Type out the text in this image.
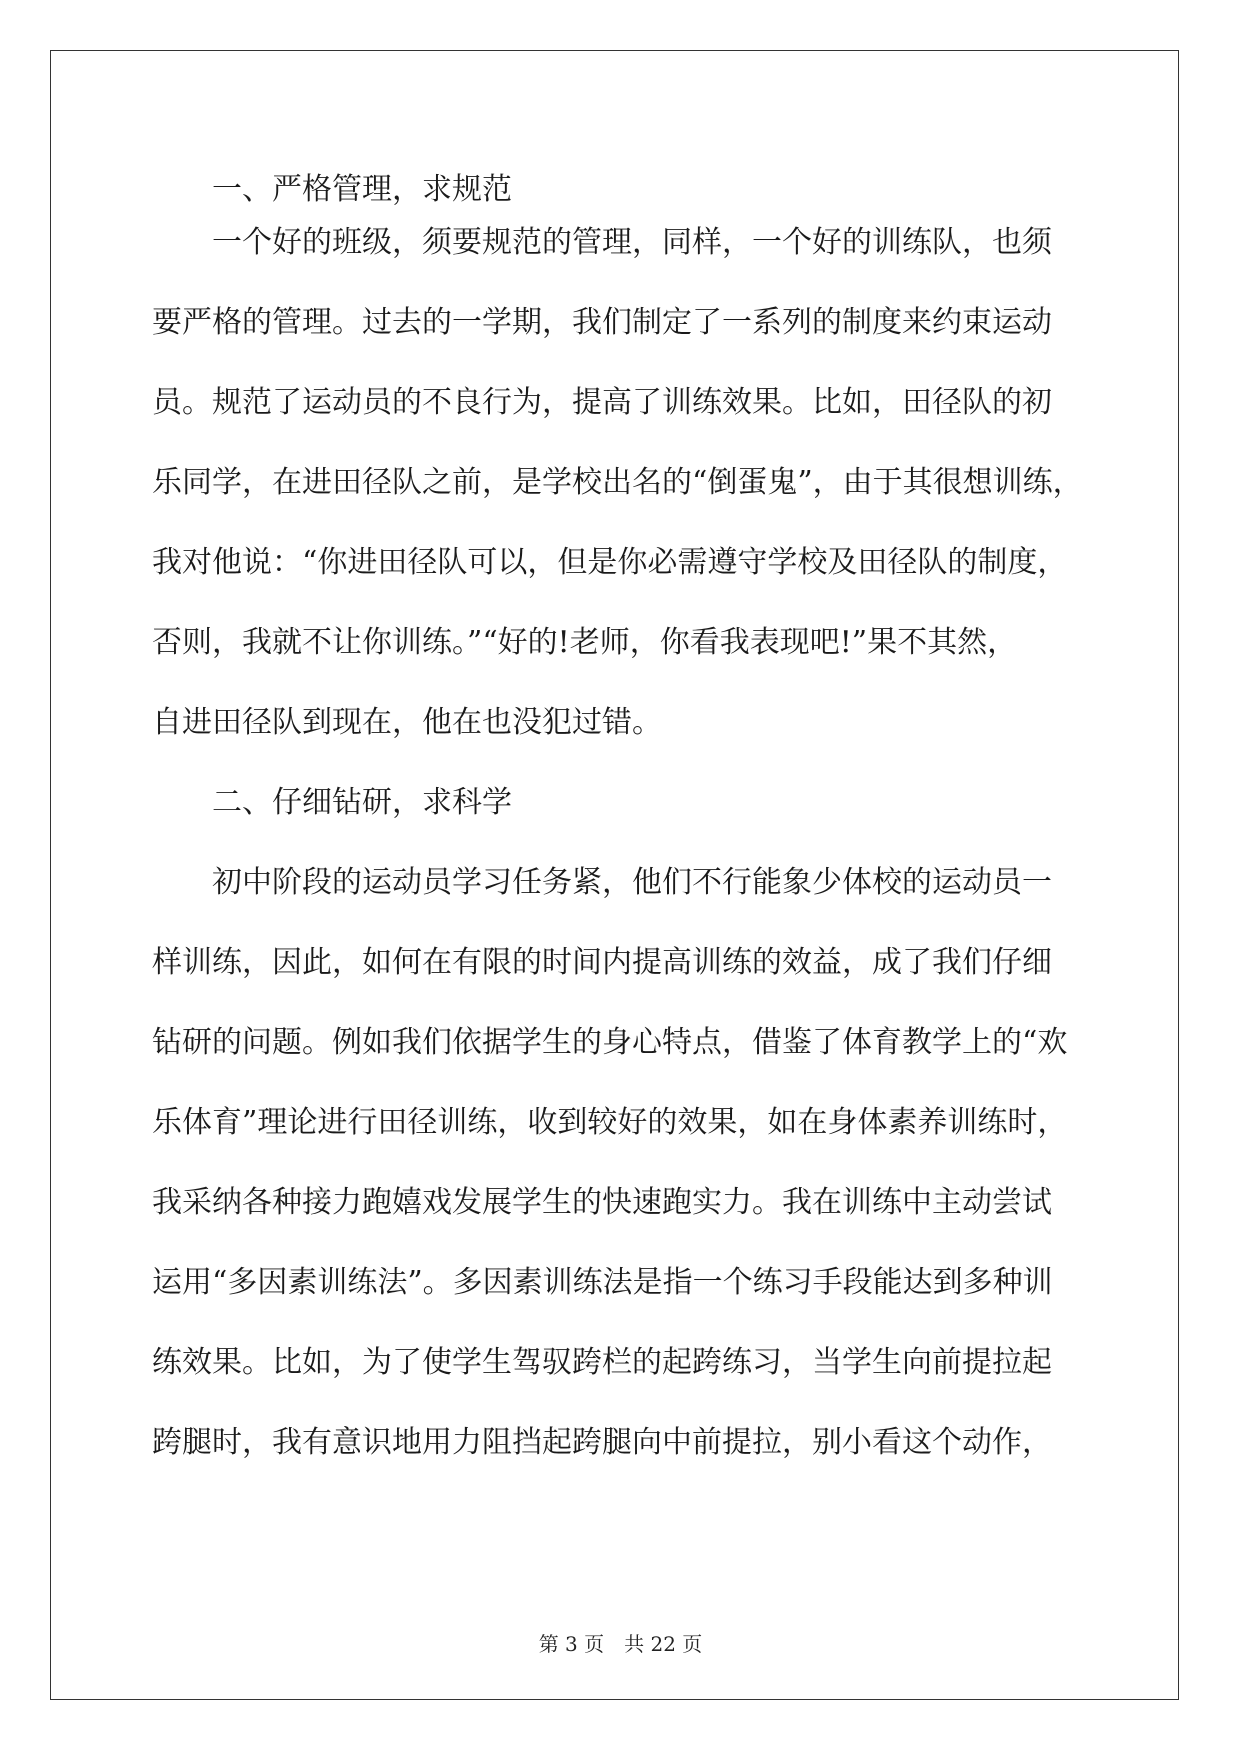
　　一、严格管理，求规范
　　一个好的班级，须要规范的管理，同样，一个好的训练队，也须
要严格的管理。过去的一学期，我们制定了一系列的制度来约束运动
员。规范了运动员的不良行为，提高了训练效果。比如，田径队的初
乐同学，在进田径队之前，是学校出名的“倒蛋鬼”，由于其很想训练，
我对他说：“你进田径队可以，但是你必需遵守学校及田径队的制度，
否则，我就不让你训练。”“好的!老师，你看我表现吧!”果不其然，
自进田径队到现在，他在也没犯过错。
　　二、仔细钻研，求科学
　　初中阶段的运动员学习任务紧，他们不行能象少体校的运动员一
样训练，因此，如何在有限的时间内提高训练的效益，成了我们仔细
钻研的问题。例如我们依据学生的身心特点，借鉴了体育教学上的“欢
乐体育”理论进行田径训练，收到较好的效果，如在身体素养训练时，
我采纳各种接力跑嬉戏发展学生的快速跑实力。我在训练中主动尝试
运用“多因素训练法”。多因素训练法是指一个练习手段能达到多种训
练效果。比如，为了使学生驾驭跨栏的起跨练习，当学生向前提拉起
跨腿时，我有意识地用力阻挡起跨腿向中前提拉，别小看这个动作，
第 3 页　共 22 页
